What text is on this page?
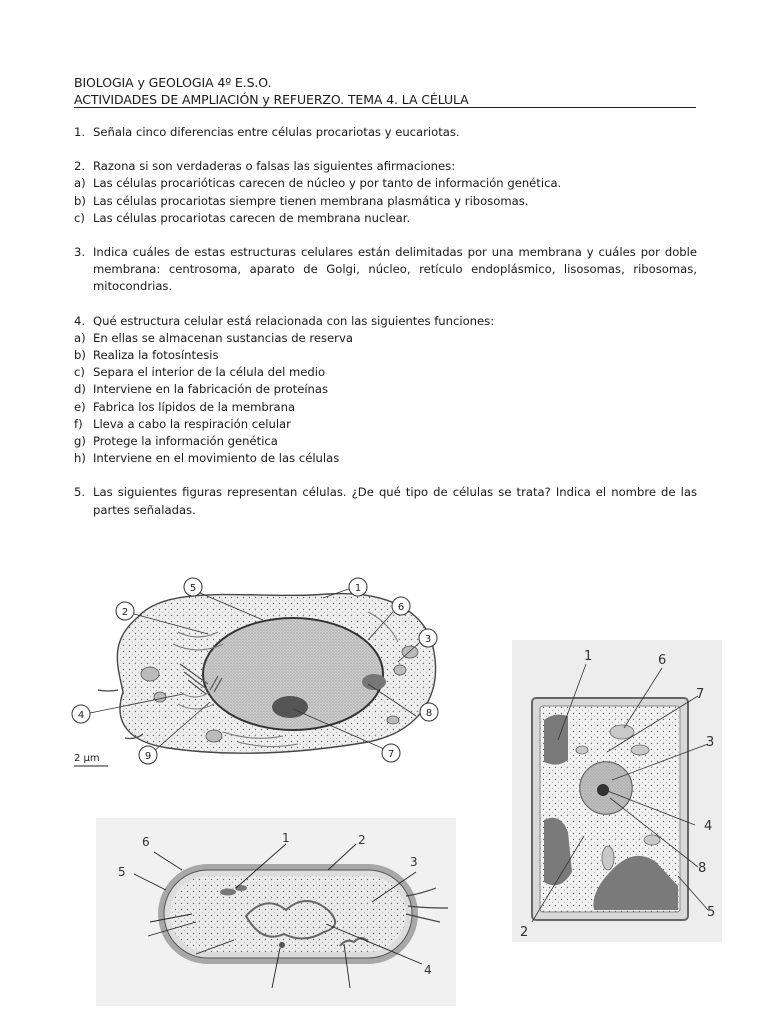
BIOLOGIA y GEOLOGIA 4º E.S.O.
ACTIVIDADES DE AMPLIACIÓN y REFUERZO. TEMA 4. LA CÉLULA
1. Señala cinco diferencias entre células procariotas y eucariotas.
2. Razona si son verdaderas o falsas las siguientes afirmaciones:
a) Las células procarióticas carecen de núcleo y por tanto de información genética.
b) Las células procariotas siempre tienen membrana plasmática y ribosomas.
c) Las células procariotas carecen de membrana nuclear.
3. Indica cuáles de estas estructuras celulares están delimitadas por una membrana y cuáles por doble membrana: centrosoma, aparato de Golgi, núcleo, retículo endoplásmico, lisosomas, ribosomas, mitocondrias.
4. Qué estructura celular está relacionada con las siguientes funciones:
a) En ellas se almacenan sustancias de reserva
b) Realiza la fotosíntesis
c) Separa el interior de la célula del medio
d) Interviene en la fabricación de proteínas
e) Fabrica los lípidos de la membrana
f) Lleva a cabo la respiración celular
g) Protege la información genética
h) Interviene en el movimiento de las células
5. Las siguientes figuras representan células. ¿De qué tipo de células se trata? Indica el nombre de las partes señaladas.
1
2
3
4
5
6
7
8
9
2 μm
1
2
3
4
5
6
7
8
1	2
3
4
5
6
